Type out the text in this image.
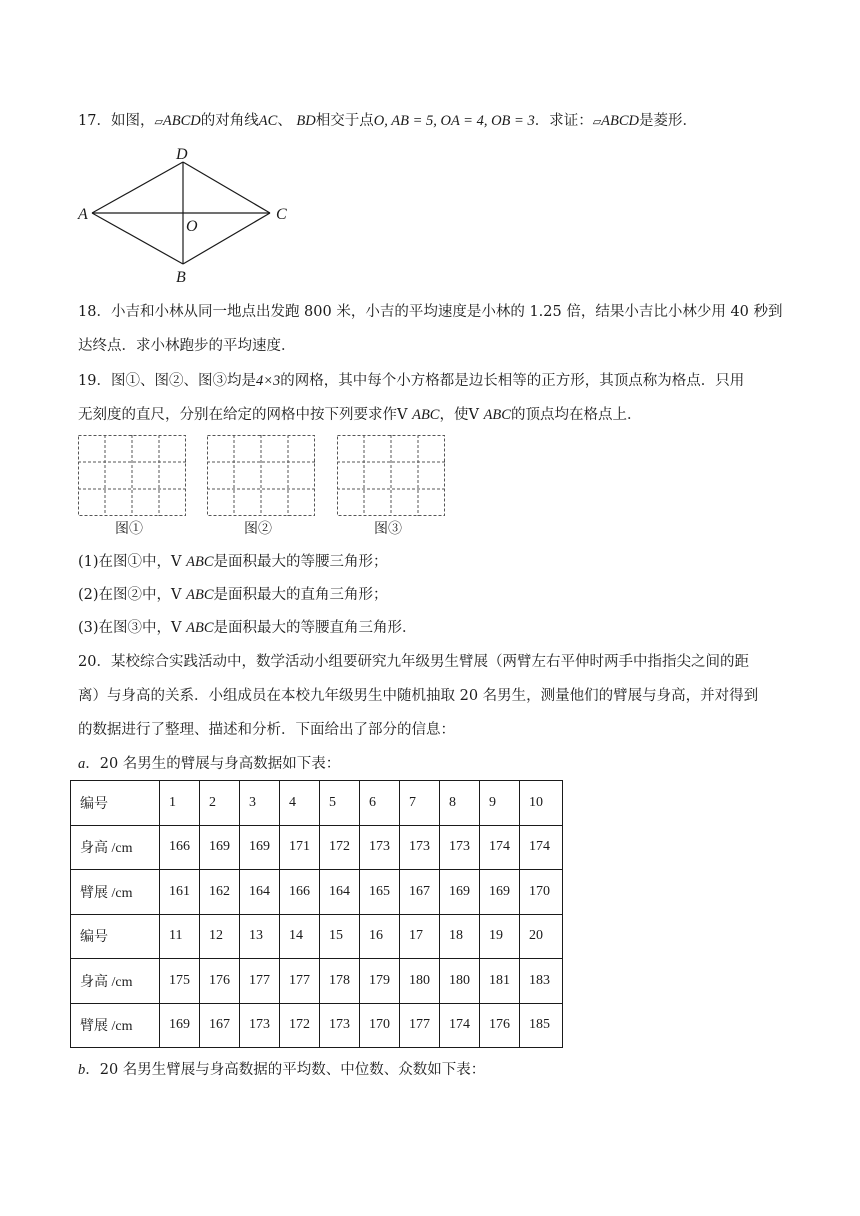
17．如图，▱ABCD的对角线AC、 BD相交于点O, AB = 5, OA = 4, OB = 3．求证：▱ABCD是菱形．
A
D
C
B
O
18．小吉和小林从同一地点出发跑 800 米，小吉的平均速度是小林的 1.25 倍，结果小吉比小林少用 40 秒到
达终点．求小林跑步的平均速度．
19．图①、图②、图③均是4×3的网格，其中每个小方格都是边长相等的正方形，其顶点称为格点．只用
无刻度的直尺，分别在给定的网格中按下列要求作V ABC，使V ABC的顶点均在格点上．
图①	图②	图③
(1)在图①中，V ABC是面积最大的等腰三角形；
(2)在图②中，V ABC是面积最大的直角三角形；
(3)在图③中，V ABC是面积最大的等腰直角三角形．
20．某校综合实践活动中，数学活动小组要研究九年级男生臂展（两臂左右平伸时两手中指指尖之间的距
离）与身高的关系．小组成员在本校九年级男生中随机抽取 20 名男生，测量他们的臂展与身高，并对得到
的数据进行了整理、描述和分析．下面给出了部分的信息：
a．20 名男生的臂展与身高数据如下表：
编号	1	2	3	4	5	6	7	8	9	10
身高 /cm	166	169	169	171	172	173	173	173	174	174
臂展 /cm	161	162	164	166	164	165	167	169	169	170
编号	11	12	13	14	15	16	17	18	19	20
身高 /cm	175	176	177	177	178	179	180	180	181	183
臂展 /cm	169	167	173	172	173	170	177	174	176	185
b．20 名男生臂展与身高数据的平均数、中位数、众数如下表：
